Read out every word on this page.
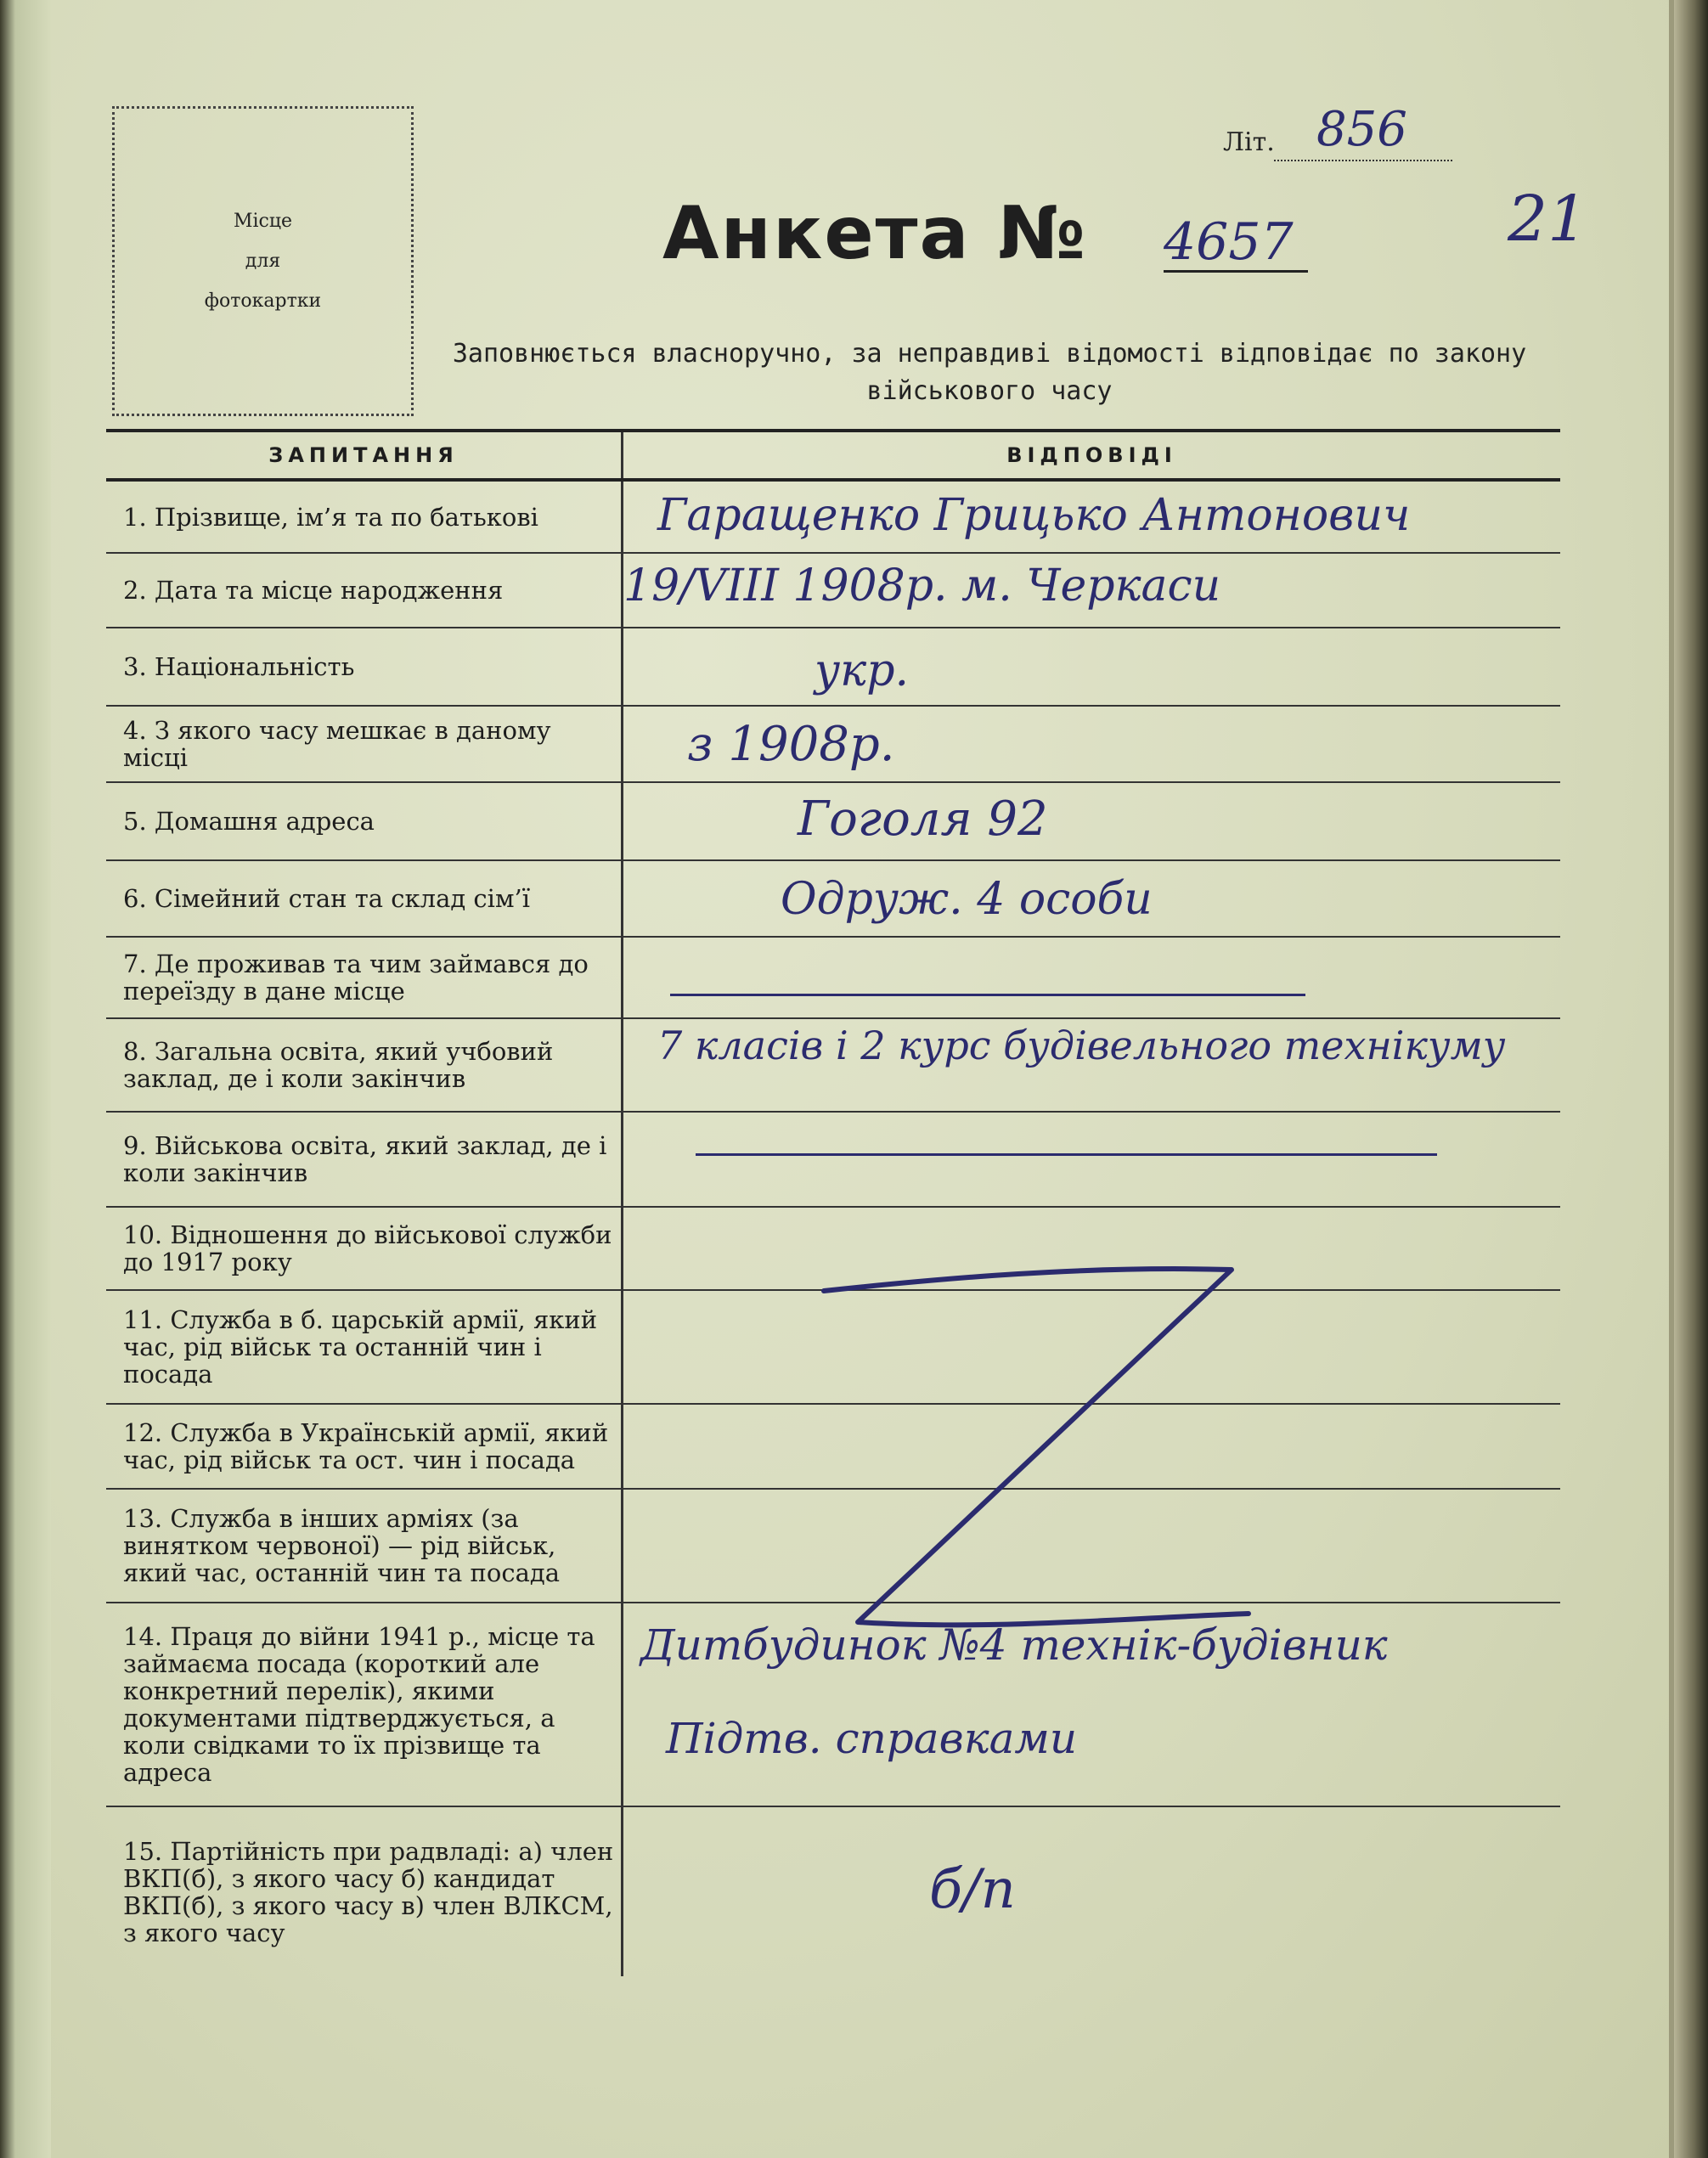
Місце
для
фотокартки
Літ. 856
21
Анкета № 4657
Заповнюється власноручно, за неправдиві відомості відповідає по закону
військового часу
ЗАПИТАННЯ	ВІДПОВІДІ
1. Прізвище, ім’я та по батькові	Гаращенко Грицько Антонович

2. Дата та місце народження	19/VIII 1908р. м. Черкаси

3. Національність	укр.

4. З якого часу мешкає в даному місці	з 1908р.

5. Домашня адреса	Гоголя 92

6. Сімейний стан та склад сім’ї	Одруж. 4 особи

7. Де проживав та чим займався до переїзду в дане місце	

8. Загальна освіта, який учбовий заклад, де і коли закінчив	7 класів і 2 курс будівельного технікуму

9. Військова освіта, який заклад, де і коли закінчив	

10. Відношення до військової служби до 1917 року	
11. Служба в б. царській армії, який час, рід військ та останній чин і посада	
12. Служба в Українській армії, який час, рід військ та ост. чин і посада	
13. Служба в інших арміях (за винятком червоної) — рід військ, який час, останній чин та посада	
14. Праця до війни 1941 р., місце та займаєма посада (короткий але конкретний перелік), якими документами підтверджується, а коли свідками то їх прізвище та адреса	Дитбудинок №4 технік-будівник
Підтв. справками

15. Партійність при радвладі: а) член ВКП(б), з якого часу б) кандидат ВКП(б), з якого часу в) член ВЛКСМ, з якого часу	б/п
